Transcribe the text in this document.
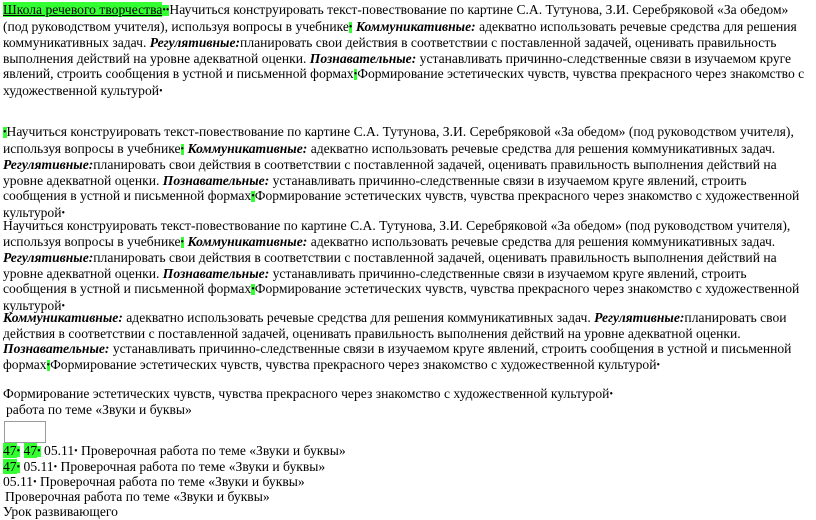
Школа речевого творчества••Научиться конструировать текст-повествование по картине С.А. Тутунова, З.И. Серебряковой «За обедом» (под руководством учителя), используя вопросы в учебнике• Коммуникативные: адекватно использовать речевые средства для решения коммуникативных задач. Регулятивные:планировать свои действия в соответствии с поставленной задачей, оценивать правильность выполнения действий на уровне адекватной оценки. Познавательные: устанавливать причинно-следственные связи в изучаемом круге явлений, строить сообщения в устной и письменной формах•Формирование эстетических чувств, чувства прекрасного через знакомство с художественной культурой•

•Научиться конструировать текст-повествование по картине С.А. Тутунова, З.И. Серебряковой «За обедом» (под руководством учителя), используя вопросы в учебнике• Коммуникативные: адекватно использовать речевые средства для решения коммуникативных задач. Регулятивные:планировать свои действия в соответствии с поставленной задачей, оценивать правильность выполнения действий на уровне адекватной оценки. Познавательные: устанавливать причинно-следственные связи в изучаемом круге явлений, строить сообщения в устной и письменной формах•Формирование эстетических чувств, чувства прекрасного через знакомство с художественной культурой•

Научиться конструировать текст-повествование по картине С.А. Тутунова, З.И. Серебряковой «За обедом» (под руководством учителя), используя вопросы в учебнике• Коммуникативные: адекватно использовать речевые средства для решения коммуникативных задач. Регулятивные:планировать свои действия в соответствии с поставленной задачей, оценивать правильность выполнения действий на уровне адекватной оценки. Познавательные: устанавливать причинно-следственные связи в изучаемом круге явлений, строить сообщения в устной и письменной формах•Формирование эстетических чувств, чувства прекрасного через знакомство с художественной культурой•

Коммуникативные: адекватно использовать речевые средства для решения коммуникативных задач. Регулятивные:планировать свои действия в соответствии с поставленной задачей, оценивать правильность выполнения действий на уровне адекватной оценки. Познавательные: устанавливать причинно-следственные связи в изучаемом круге явлений, строить сообщения в устной и письменной формах•Формирование эстетических чувств, чувства прекрасного через знакомство с художественной культурой•

Формирование эстетических чувств, чувства прекрасного через знакомство с художественной культурой•

работа по теме «Звуки и буквы»

47• 47• 05.11• Проверочная работа по теме «Звуки и буквы»

47• 05.11• Проверочная работа по теме «Звуки и буквы»

05.11• Проверочная работа по теме «Звуки и буквы»

Проверочная работа по теме «Звуки и буквы»

Урок развивающего
